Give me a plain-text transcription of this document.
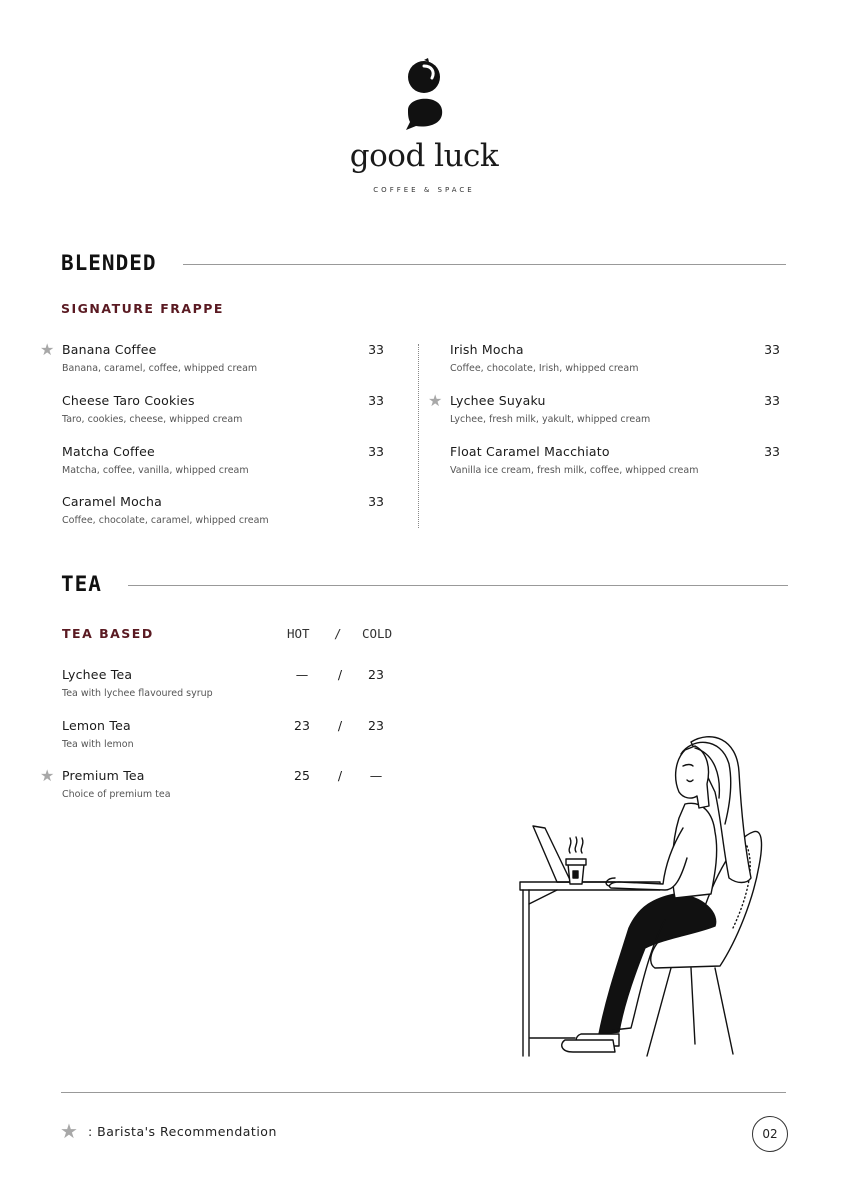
good luck
COFFEE & SPACE
BLENDED
SIGNATURE FRAPPE
★ Banana Coffee
Banana, caramel, coffee, whipped cream
33
Cheese Taro Cookies
Taro, cookies, cheese, whipped cream
33
Matcha Coffee
Matcha, coffee, vanilla, whipped cream
33
Caramel Mocha
Coffee, chocolate, caramel, whipped cream
33
Irish Mocha
Coffee, chocolate, Irish, whipped cream
33
★ Lychee Suyaku
Lychee, fresh milk, yakult, whipped cream
33
Float Caramel Macchiato
Vanilla ice cream, fresh milk, coffee, whipped cream
33
TEA
TEA BASED	HOT / COLD
Lychee Tea
Tea with lychee flavoured syrup
—	/	23
Lemon Tea
Tea with lemon
23	/	23
★ Premium Tea
Choice of premium tea
25	/	—
★ : Barista's Recommendation	02
